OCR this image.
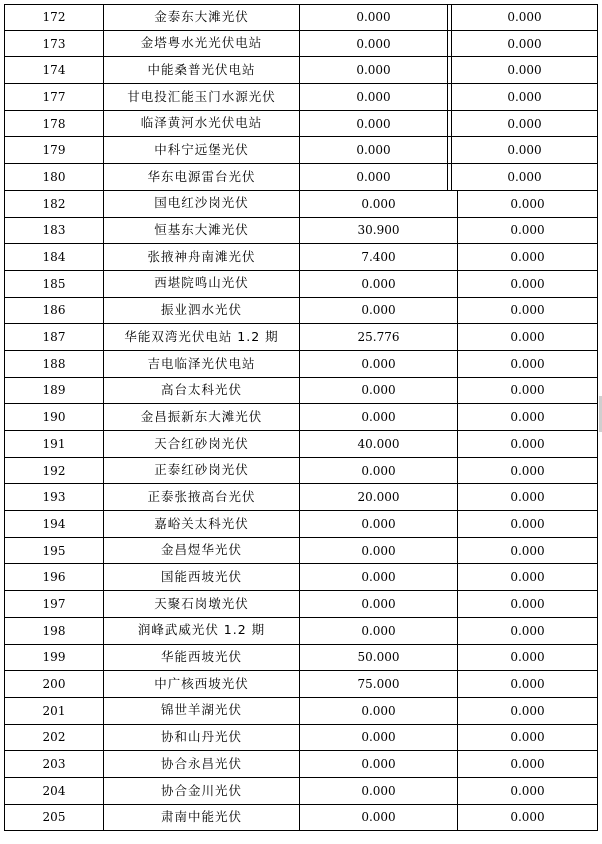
172	金泰东大滩光伏	0.000	0.000
173	金塔粤水光光伏电站	0.000	0.000
174	中能桑普光伏电站	0.000	0.000
177	甘电投汇能玉门水源光伏	0.000	0.000
178	临泽黄河水光伏电站	0.000	0.000
179	中科宁远堡光伏	0.000	0.000
180	华东电源雷台光伏	0.000	0.000
182	国电红沙岗光伏	0.000	0.000
183	恒基东大滩光伏	30.900	0.000
184	张掖神舟南滩光伏	7.400	0.000
185	西堪院鸣山光伏	0.000	0.000
186	振业泗水光伏	0.000	0.000
187	华能双湾光伏电站 1.2 期	25.776	0.000
188	吉电临泽光伏电站	0.000	0.000
189	高台太科光伏	0.000	0.000
190	金昌振新东大滩光伏	0.000	0.000
191	天合红砂岗光伏	40.000	0.000
192	正泰红砂岗光伏	0.000	0.000
193	正泰张掖高台光伏	20.000	0.000
194	嘉峪关太科光伏	0.000	0.000
195	金昌煜华光伏	0.000	0.000
196	国能西坡光伏	0.000	0.000
197	天聚石岗墩光伏	0.000	0.000
198	润峰武威光伏 1.2 期	0.000	0.000
199	华能西坡光伏	50.000	0.000
200	中广核西坡光伏	75.000	0.000
201	锦世羊湖光伏	0.000	0.000
202	协和山丹光伏	0.000	0.000
203	协合永昌光伏	0.000	0.000
204	协合金川光伏	0.000	0.000
205	肃南中能光伏	0.000	0.000
